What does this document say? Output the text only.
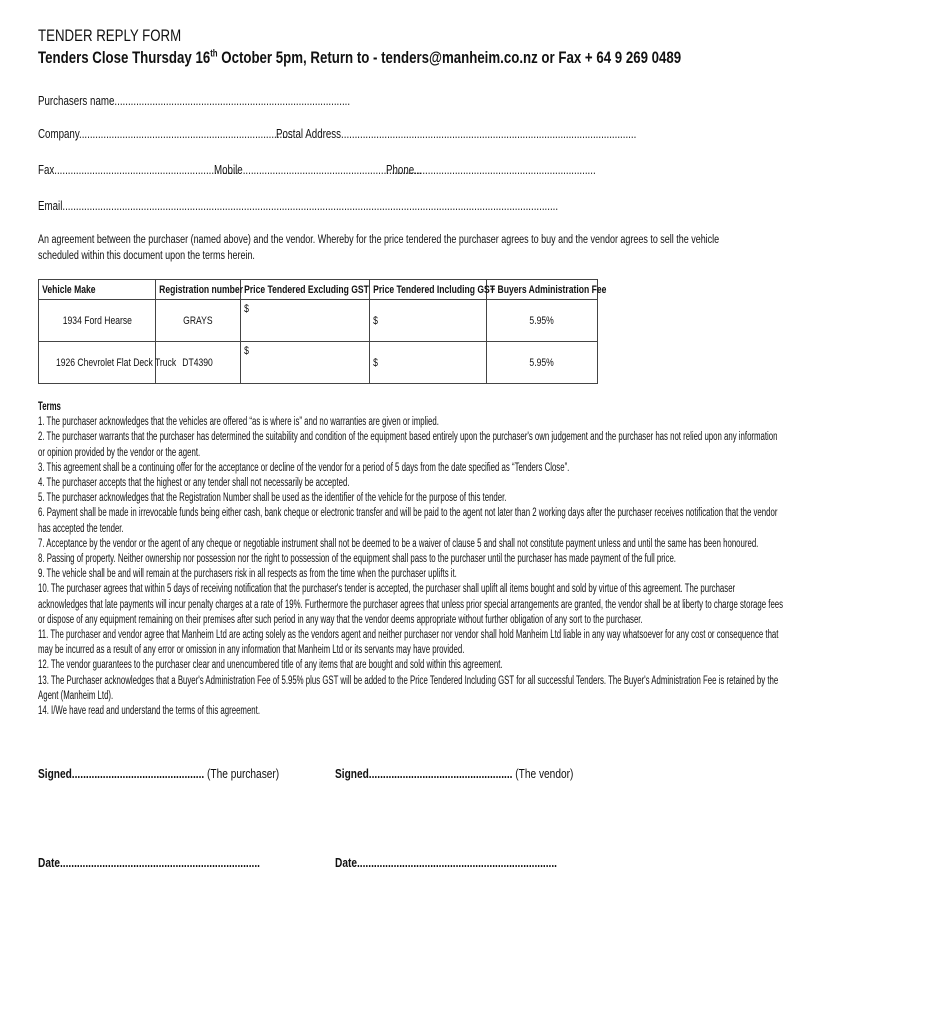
TENDER REPLY FORM
Tenders Close Thursday 16th October 5pm, Return to - tenders@manheim.co.nz or Fax + 64 9 269 0489
Purchasers name.......................................................................................
Company...............................................................................
Postal Address.............................................................................................................
Fax....................................................................
Mobile..................................................................
Phone...................................................................
Email.......................................................................................................................................................................................
An agreement between the purchaser (named above) and the vendor. Whereby for the price tendered the purchaser agrees to buy and the vendor agrees to sell the vehicle scheduled within this document upon the terms herein.
Vehicle Make	Registration number	Price Tendered Excluding GST	Price Tendered Including GST	+ Buyers Administration Fee
1934 Ford Hearse	GRAYS	$	$	5.95%
1926 Chevrolet Flat Deck Truck	DT4390	$	$	5.95%
Terms
1. The purchaser acknowledges that the vehicles are offered “as is where is” and no warranties are given or implied.
2. The purchaser warrants that the purchaser has determined the suitability and condition of the equipment based entirely upon the purchaser's own judgement and the purchaser has not relied upon any information
or opinion provided by the vendor or the agent.
3. This agreement shall be a continuing offer for the acceptance or decline of the vendor for a period of 5 days from the date specified as “Tenders Close”.
4. The purchaser accepts that the highest or any tender shall not necessarily be accepted.
5. The purchaser acknowledges that the Registration Number shall be used as the identifier of the vehicle for the purpose of this tender.
6. Payment shall be made in irrevocable funds being either cash, bank cheque or electronic transfer and will be paid to the agent not later than 2 working days after the purchaser receives notification that the vendor
has accepted the tender.
7. Acceptance by the vendor or the agent of any cheque or negotiable instrument shall not be deemed to be a waiver of clause 5 and shall not constitute payment unless and until the same has been honoured.
8. Passing of property. Neither ownership nor possession nor the right to possession of the equipment shall pass to the purchaser until the purchaser has made payment of the full price.
9. The vehicle shall be and will remain at the purchasers risk in all respects as from the time when the purchaser uplifts it.
10. The purchaser agrees that within 5 days of receiving notification that the purchaser's tender is accepted, the purchaser shall uplift all items bought and sold by virtue of this agreement. The purchaser
acknowledges that late payments will incur penalty charges at a rate of 19%. Furthermore the purchaser agrees that unless prior special arrangements are granted, the vendor shall be at liberty to charge storage fees
or dispose of any equipment remaining on their premises after such period in any way that the vendor deems appropriate without further obligation of any sort to the purchaser.
11. The purchaser and vendor agree that Manheim Ltd are acting solely as the vendors agent and neither purchaser nor vendor shall hold Manheim Ltd liable in any way whatsoever for any cost or consequence that
may be incurred as a result of any error or omission in any information that Manheim Ltd or its servants may have provided.
12. The vendor guarantees to the purchaser clear and unencumbered title of any items that are bought and sold within this agreement.
13. The Purchaser acknowledges that a Buyer's Administration Fee of 5.95% plus GST will be added to the Price Tendered Including GST for all successful Tenders. The Buyer's Administration Fee is retained by the
Agent (Manheim Ltd).
14. I/We have read and understand the terms of this agreement.
Signed............................................... (The purchaser)	Signed................................................... (The vendor)
Date.......................................................................	Date.......................................................................
